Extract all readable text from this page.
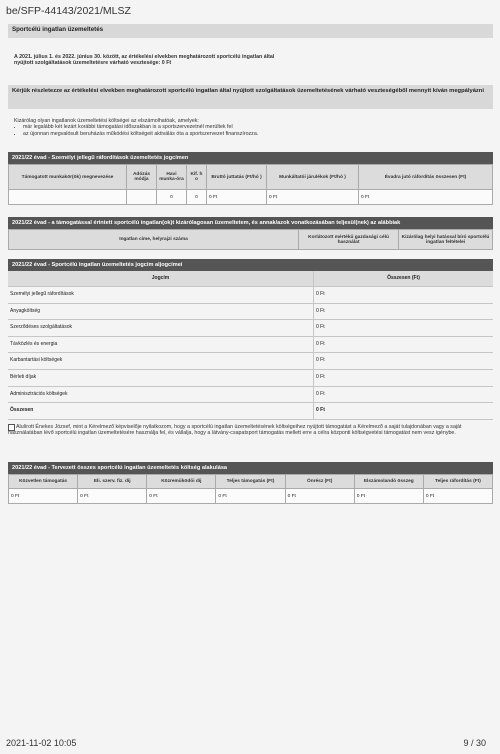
be/SFP-44143/2021/MLSZ
Sportcélú ingatlan üzemeltetés
A 2021. július 1. és 2022. június 30. között, az értékelési elvekben meghatározott sportcélú ingatlan által nyújtott szolgáltatások üzemeltetésre várható vesztesége: 0 Ft
Kérjük részletezze az értékelési elvekben meghatározott sportcélú ingatlan által nyújtott szolgáltatások üzemeltetésének várható veszteségéből mennyit kíván megpályázni
Kizárólag olyan ingatlanok üzemeltetési költségei az elszámolhatóak, amelyek:
• már legalább két lezárt korábbi támogatási időszakban is a sportszervezetnél merültek fel
• az újonnan megvalósult beruházás működési költségeit aktiválás óta a sportszervezet finanszírozza.
2021/22 évad - Személyi jellegű ráfordítások üzemeltetés jogcímen
Támogatott munkakör(ök) megnevezése	Adózás módja	Havi munka-óra	Kif. h o	Bruttó juttatás (Ft/hó )	Munkáltatói járulékok (Ft/hó )	Évadra jutó ráfordítás összesen (Ft)
		0	0	0 Ft	0 Ft	0 Ft
2021/22 évad - a támogatással érintett sportcélú ingatlan(ok)t kizárólagosan üzemeltetem, és annak/azok vonatkozásában teljesül(nek) az alábbiak
Ingatlan címe, helyrajzi száma	Korlátozott mértékű gazdasági célú használat	Kizárólag helyi hatással bíró sportcélú ingatlan feltételei
2021/22 évad - Sportcélú ingatlan üzemeltetés jogcím aljogcímei
Jogcím	Összesen (Ft)
Személyi jellegű ráfordítások	0 Ft
Anyagköltség	0 Ft
Szerződéses szolgáltatások	0 Ft
Távközlés és energia	0 Ft
Karbantartási költségek	0 Ft
Bérleti díjak	0 Ft
Adminisztrációs költségek	0 Ft
Összesen	0 Ft
Alulírott Énekes József, mint a Kérelmező képviselője nyilatkozom, hogy a sportcélú ingatlan üzemeltetésének költségeihez nyújtott támogatást a Kérelmező a saját tulajdonában vagy a saját használatában lévő sportcélú ingatlan üzemeltetésére használja fel, és vállalja, hogy a látvány-csapatsport támogatás mellett erre a célra központi költségvetési támogatást nem vesz igénybe.
2021/22 évad - Tervezett összes sportcélú ingatlan üzemeltetés költség alakulása
Közvetlen támogatás	Eli. szerv. fiz. díj	Közreműködői díj	Teljes támogatás (Ft)	Önrész (Ft)	Elszámolandó összeg	Teljes ráfordítás (Ft)
0 Ft	0 Ft	0 Ft	0 Ft	0 Ft	0 Ft	0 Ft
2021-11-02 10:05	9 / 30
